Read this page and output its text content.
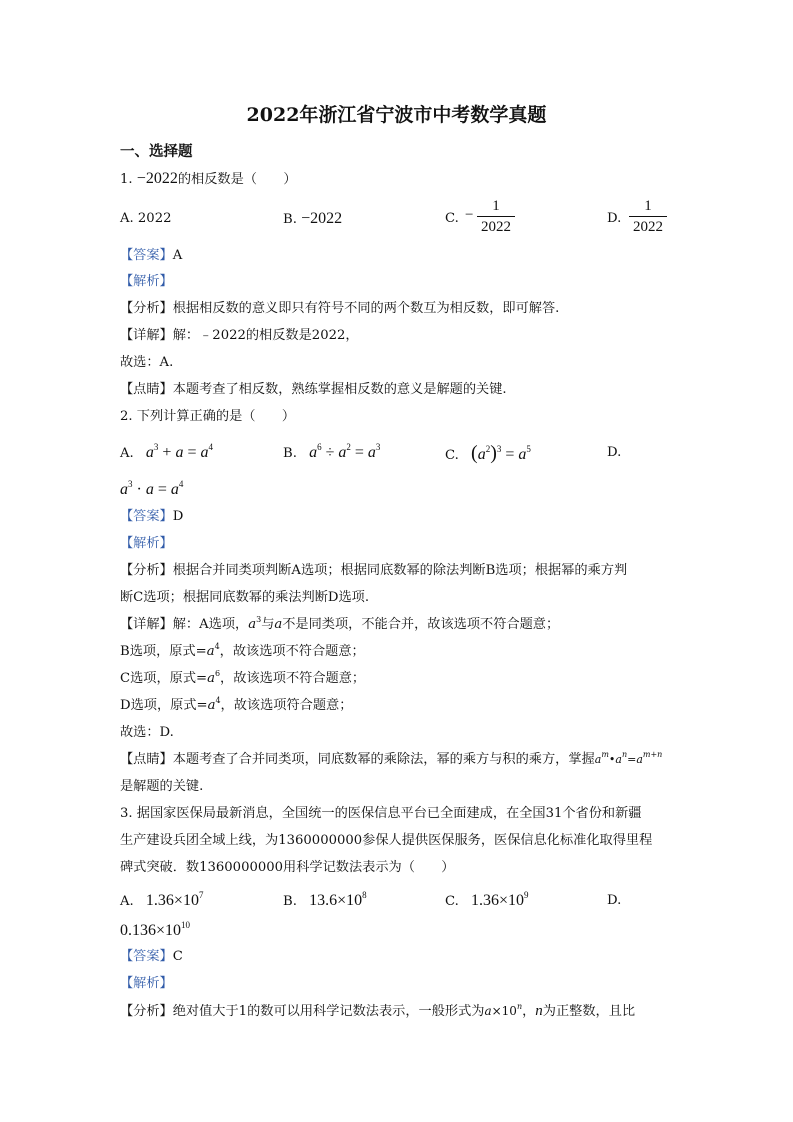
2022年浙江省宁波市中考数学真题
一、选择题
1. −2022的相反数是（　　）
A. 2022	B. −2022	C. −
1
2022
D.
1
2022
【答案】A
【解析】
【分析】根据相反数的意义即只有符号不同的两个数互为相反数，即可解答.
【详解】解：﹣2022的相反数是2022，
故选：A.
【点睛】本题考查了相反数，熟练掌握相反数的意义是解题的关键.
2. 下列计算正确的是（　　）
A. $a^3 + a = a^4$	B. $a^6 \div a^2 = a^3$
C. $(a^2)^3 = a^5$	D.
$a^3 \cdot a = a^4$
【答案】D
【解析】
【分析】根据合并同类项判断A选项；根据同底数幂的除法判断B选项；根据幂的乘方判
断C选项；根据同底数幂的乘法判断D选项.
【详解】解：A选项，$a^3$与a不是同类项，不能合并，故该选项不符合题意；
B选项，原式$=a^4$，故该选项不符合题意；
C选项，原式$=a^6$，故该选项不符合题意；
D选项，原式$=a^4$，故该选项符合题意；
故选：D.
【点睛】本题考查了合并同类项，同底数幂的乘除法，幂的乘方与积的乘方，掌握$a^m•a^n=a^{m+n}$
是解题的关键.
3. 据国家医保局最新消息，全国统一的医保信息平台已全面建成，在全国31个省份和新疆
生产建设兵团全域上线，为1360000000参保人提供医保服务，医保信息化标准化取得里程
碑式突破．数1360000000用科学记数法表示为（　　）
A. $1.36\times 10^7$	B. $13.6\times 10^8$	C. $1.36\times 10^9$	D.
$0.136\times 10^{10}$
【答案】C
【解析】
【分析】绝对值大于1的数可以用科学记数法表示，一般形式为$a\times 10^n$，n为正整数，且比
